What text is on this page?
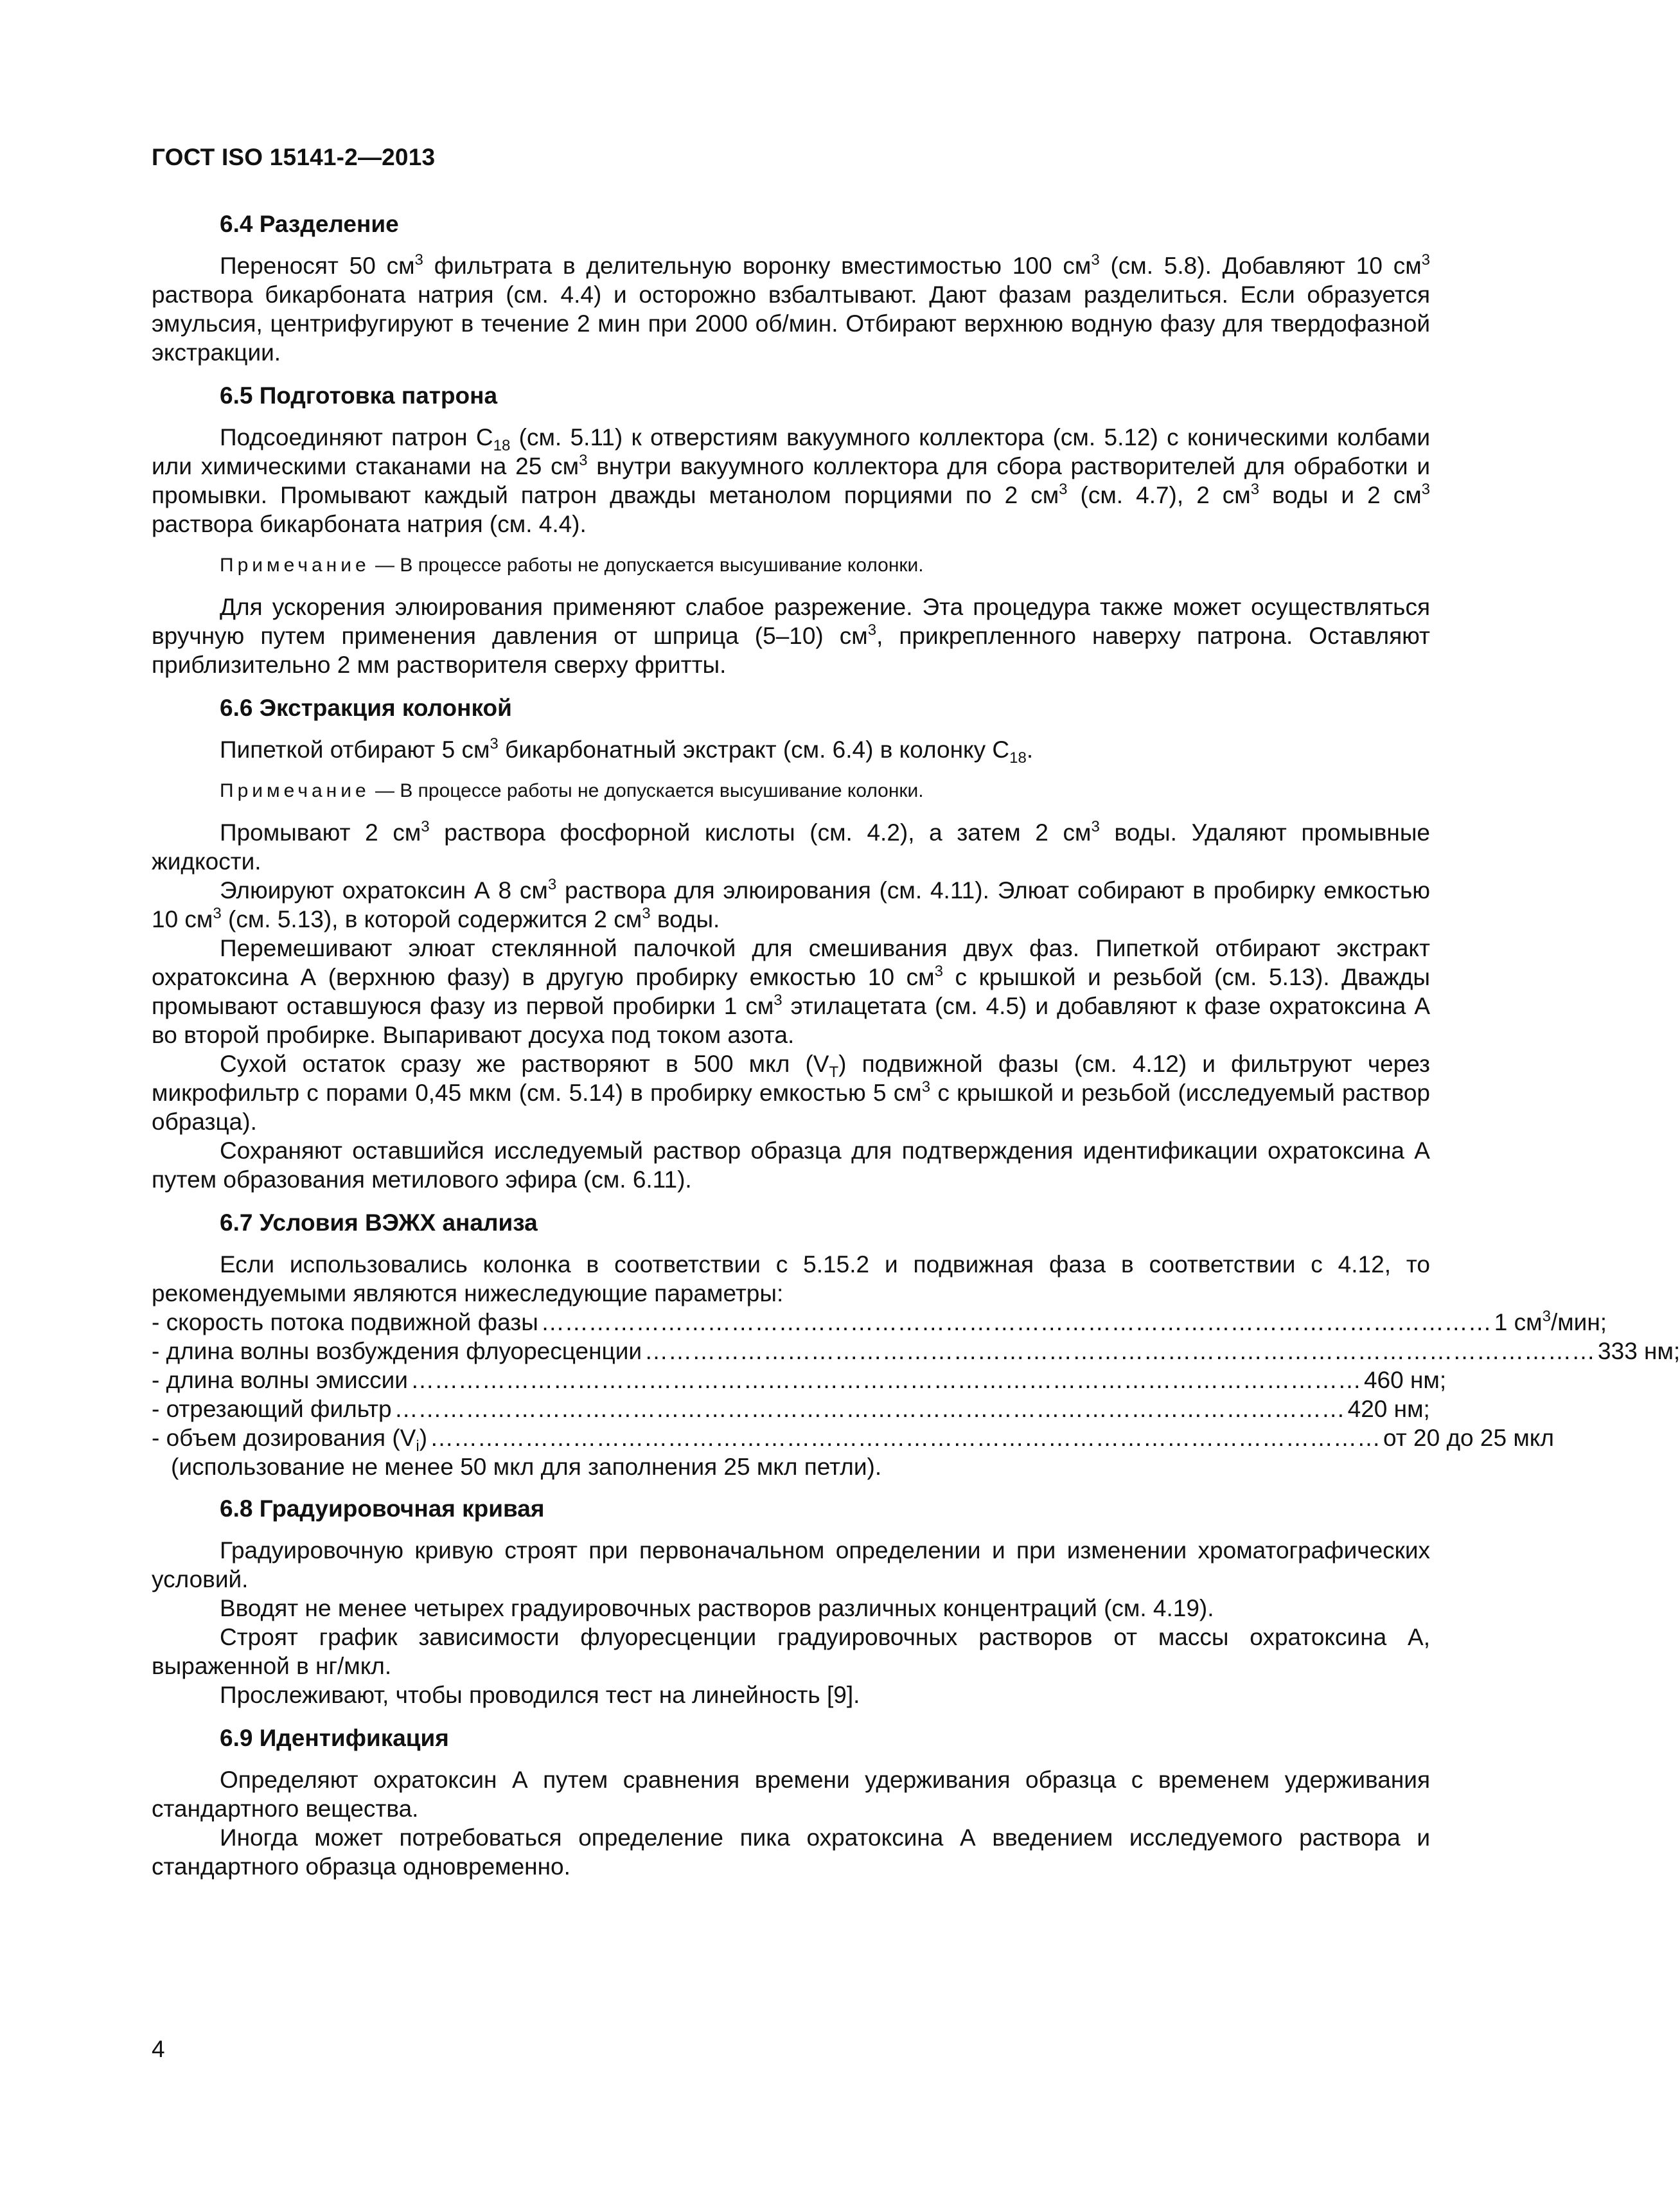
ГОСТ ISO 15141-2—2013
6.4 Разделение
Переносят 50 $см^3$ фильтрата в делительную воронку вместимостью 100 $см^3$ (см. 5.8). Добавляют 10 $см^3$ раствора бикарбоната натрия (см. 4.4) и осторожно взбалтывают. Дают фазам разделиться. Если образуется эмульсия, центрифугируют в течение 2 мин при 2000 об/мин. Отбирают верхнюю водную фазу для твердофазной экстракции.
6.5 Подготовка патрона
Подсоединяют патрон $С_{18}$ (см. 5.11) к отверстиям вакуумного коллектора (см. 5.12) с коническими колбами или химическими стаканами на 25 $см^3$ внутри вакуумного коллектора для сбора растворителей для обработки и промывки. Промывают каждый патрон дважды метанолом порциями по 2 $см^3$ (см. 4.7), 2 $см^3$ воды и 2 $см^3$ раствора бикарбоната натрия (см. 4.4).
Примечание — В процессе работы не допускается высушивание колонки.
Для ускорения элюирования применяют слабое разрежение. Эта процедура также может осуществляться вручную путем применения давления от шприца (5–10) $см^3$, прикрепленного наверху патрона. Оставляют приблизительно 2 мм растворителя сверху фритты.
6.6 Экстракция колонкой
Пипеткой отбирают 5 $см^3$ бикарбонатный экстракт (см. 6.4) в колонку $С_{18}$.
Примечание — В процессе работы не допускается высушивание колонки.
Промывают 2 $см^3$ раствора фосфорной кислоты (см. 4.2), а затем 2 $см^3$ воды. Удаляют промывные жидкости.
Элюируют охратоксин А 8 $см^3$ раствора для элюирования (см. 4.11). Элюат собирают в пробирку емкостью 10 $см^3$ (см. 5.13), в которой содержится 2 $см^3$ воды.
Перемешивают элюат стеклянной палочкой для смешивания двух фаз. Пипеткой отбирают экстракт охратоксина А (верхнюю фазу) в другую пробирку емкостью 10 $см^3$ с крышкой и резьбой (см. 5.13). Дважды промывают оставшуюся фазу из первой пробирки 1 $см^3$ этилацетата (см. 4.5) и добавляют к фазе охратоксина А во второй пробирке. Выпаривают досуха под током азота.
Сухой остаток сразу же растворяют в 500 мкл $(V_T)$ подвижной фазы (см. 4.12) и фильтруют через микрофильтр с порами 0,45 мкм (см. 5.14) в пробирку емкостью 5 $см^3$ с крышкой и резьбой (исследуемый раствор образца).
Сохраняют оставшийся исследуемый раствор образца для подтверждения идентификации охратоксина А путем образования метилового эфира (см. 6.11).
6.7 Условия ВЭЖХ анализа
Если использовались колонка в соответствии с 5.15.2 и подвижная фаза в соответствии с 4.12, то рекомендуемыми являются нижеследующие параметры:
- скорость потока подвижной фазы ………………………………………………………………………………………………………… 1 $см^3$/мин;
- длина волны возбуждения флуоресценции ………………………………………………………………………………………………………… 333 нм;
- длина волны эмиссии ………………………………………………………………………………………………………… 460 нм;
- отрезающий фильтр ………………………………………………………………………………………………………… 420 нм;
- объем дозирования $(V_i)$ ………………………………………………………………………………………………………… от 20 до 25 мкл
(использование не менее 50 мкл для заполнения 25 мкл петли).
6.8 Градуировочная кривая
Градуировочную кривую строят при первоначальном определении и при изменении хроматографических условий.
Вводят не менее четырех градуировочных растворов различных концентраций (см. 4.19).
Строят график зависимости флуоресценции градуировочных растворов от массы охратоксина А, выраженной в нг/мкл.
Прослеживают, чтобы проводился тест на линейность [9].
6.9 Идентификация
Определяют охратоксин А путем сравнения времени удерживания образца с временем удерживания стандартного вещества.
Иногда может потребоваться определение пика охратоксина А введением исследуемого раствора и стандартного образца одновременно.
4
